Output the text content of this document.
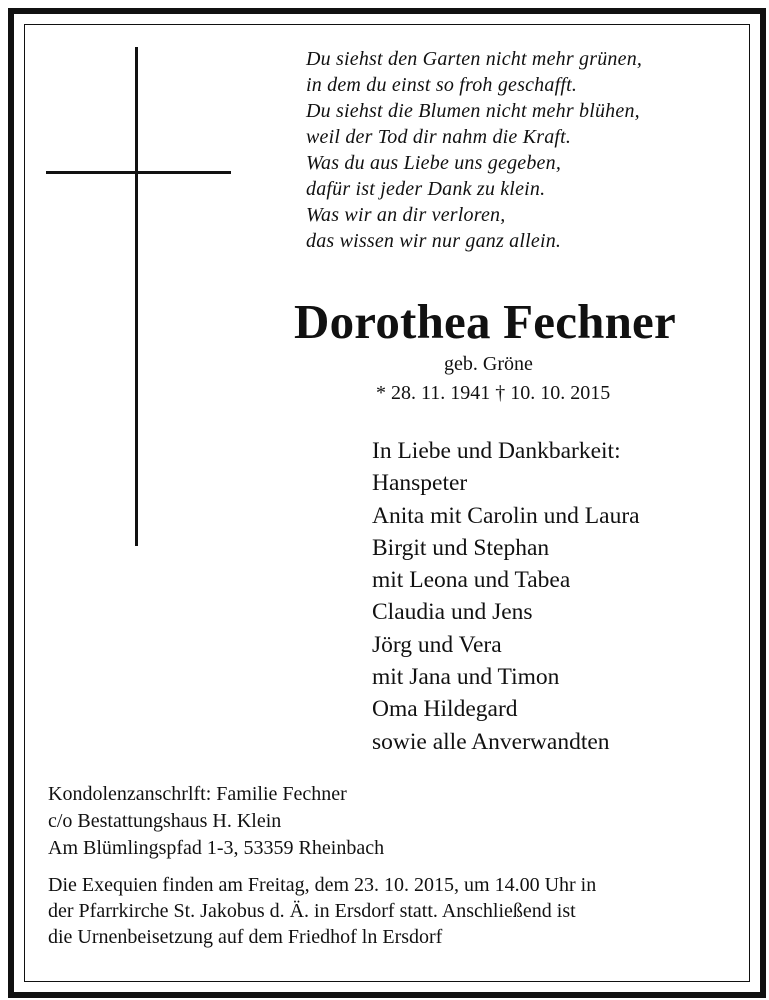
Du siehst den Garten nicht mehr grünen,
in dem du einst so froh geschafft.
Du siehst die Blumen nicht mehr blühen,
weil der Tod dir nahm die Kraft.
Was du aus Liebe uns gegeben,
dafür ist jeder Dank zu klein.
Was wir an dir verloren,
das wissen wir nur ganz allein.
Dorothea Fechner
geb. Gröne
* 28. 11. 1941 † 10. 10. 2015
In Liebe und Dankbarkeit:
Hanspeter
Anita mit Carolin und Laura
Birgit und Stephan
mit Leona und Tabea
Claudia und Jens
Jörg und Vera
mit Jana und Timon
Oma Hildegard
sowie alle Anverwandten
Kondolenzanschrlft: Familie Fechner
c/o Bestattungshaus H. Klein
Am Blümlingspfad 1-3, 53359 Rheinbach
Die Exequien finden am Freitag, dem 23. 10. 2015, um 14.00 Uhr in
der Pfarrkirche St. Jakobus d. Ä. in Ersdorf statt. Anschließend ist
die Urnenbeisetzung auf dem Friedhof ln Ersdorf
